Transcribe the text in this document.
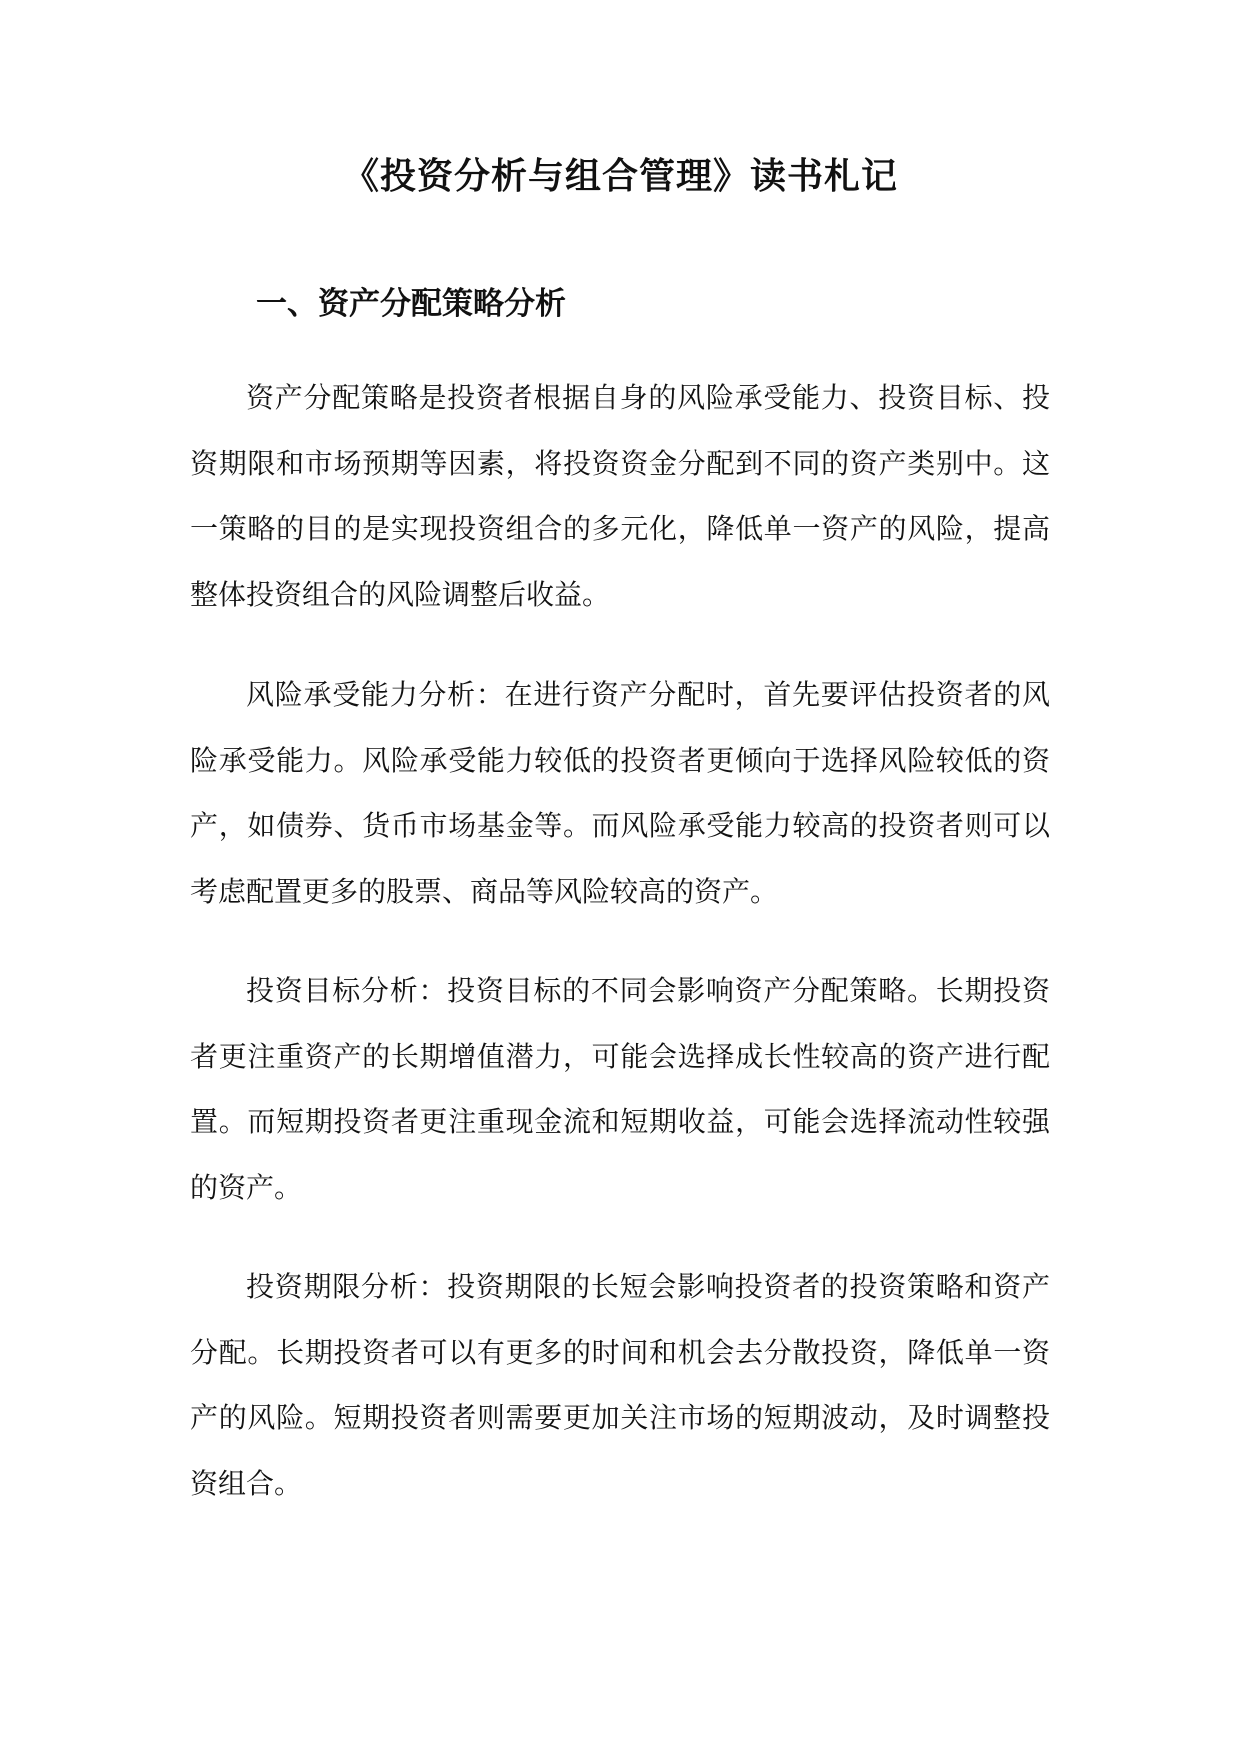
《投资分析与组合管理》读书札记
一、资产分配策略分析

资产分配策略是投资者根据自身的风险承受能力、投资目标、投资期限和市场预期等因素，将投资资金分配到不同的资产类别中。这一策略的目的是实现投资组合的多元化，降低单一资产的风险，提高整体投资组合的风险调整后收益。

风险承受能力分析：在进行资产分配时，首先要评估投资者的风险承受能力。风险承受能力较低的投资者更倾向于选择风险较低的资产，如债券、货币市场基金等。而风险承受能力较高的投资者则可以考虑配置更多的股票、商品等风险较高的资产。

投资目标分析：投资目标的不同会影响资产分配策略。长期投资者更注重资产的长期增值潜力，可能会选择成长性较高的资产进行配置。而短期投资者更注重现金流和短期收益，可能会选择流动性较强的资产。

投资期限分析：投资期限的长短会影响投资者的投资策略和资产分配。长期投资者可以有更多的时间和机会去分散投资，降低单一资产的风险。短期投资者则需要更加关注市场的短期波动，及时调整投资组合。
